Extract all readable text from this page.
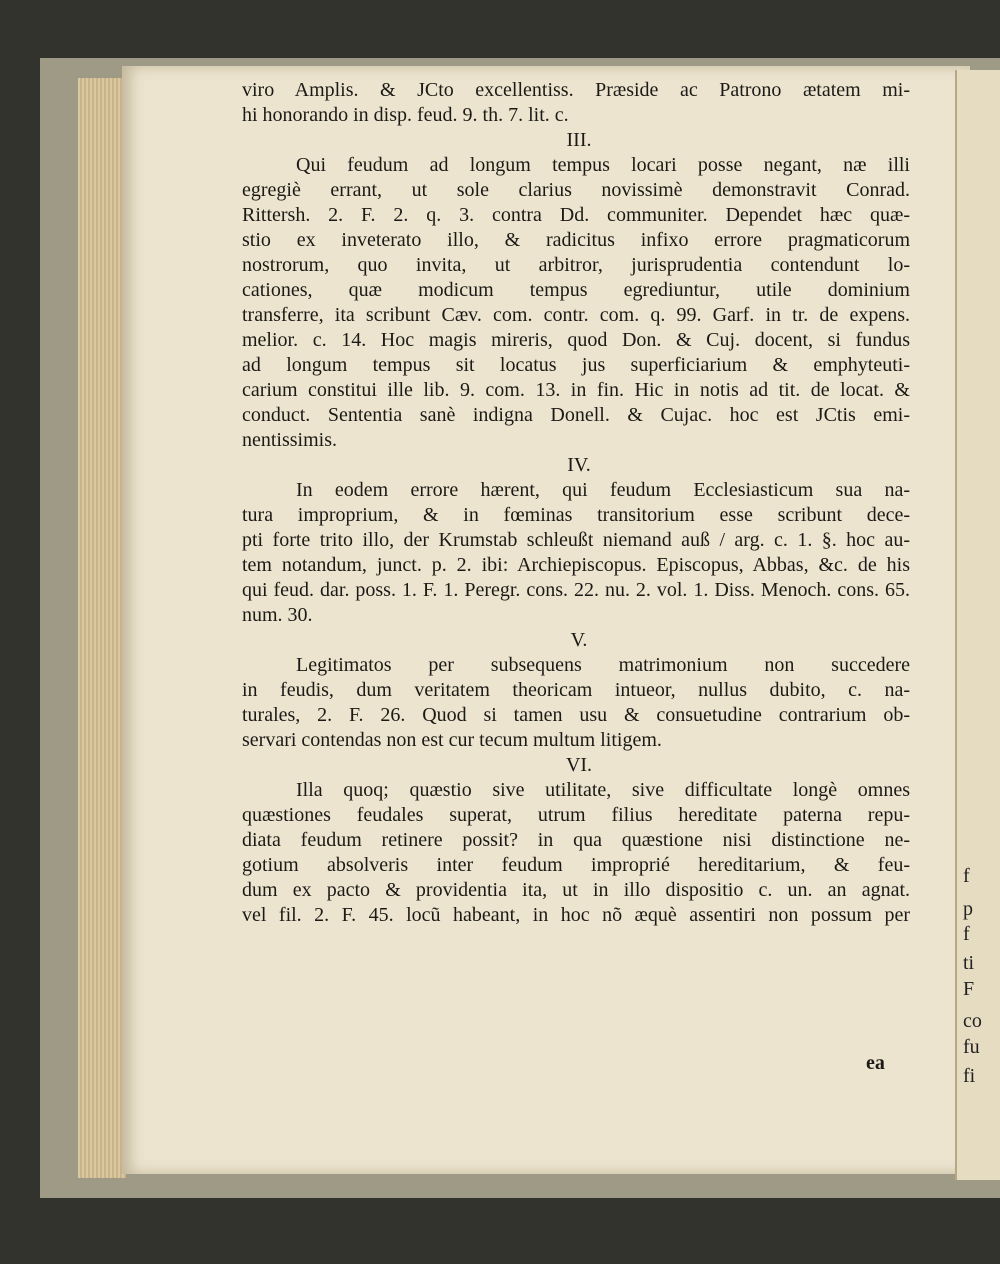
f
p
f
ti
F
co
fu
fi
viro Amplis. & JCto excellentiss. Præside ac Patrono ætatem mi-
hi honorando in disp. feud. 9. th. 7. lit. c.
III.
Qui feudum ad longum tempus locari posse negant, næ illi
egregiè errant, ut sole clarius novissimè demonstravit Conrad.
Rittersh. 2. F. 2. q. 3. contra Dd. communiter. Dependet hæc quæ-
stio ex inveterato illo, & radicitus infixo errore pragmaticorum
nostrorum, quo invita, ut arbitror, jurisprudentia contendunt lo-
cationes, quæ modicum tempus egrediuntur, utile dominium
transferre, ita scribunt Cæv. com. contr. com. q. 99. Garf. in tr. de expens.
melior. c. 14. Hoc magis mireris, quod Don. & Cuj. docent, si fundus
ad longum tempus sit locatus jus superficiarium & emphyteuti-
carium constitui ille lib. 9. com. 13. in fin. Hic in notis ad tit. de locat. &
conduct. Sententia sanè indigna Donell. & Cujac. hoc est JCtis emi-
nentissimis.
IV.
In eodem errore hærent, qui feudum Ecclesiasticum sua na-
tura improprium, & in fœminas transitorium esse scribunt dece-
pti forte trito illo, der Krumstab schleußt niemand auß / arg. c. 1. §. hoc au-
tem notandum, junct. p. 2. ibi: Archiepiscopus. Episcopus, Abbas, &c. de his
qui feud. dar. poss. 1. F. 1. Peregr. cons. 22. nu. 2. vol. 1. Diss. Menoch. cons. 65.
num. 30.
V.
Legitimatos per subsequens matrimonium non succedere
in feudis, dum veritatem theoricam intueor, nullus dubito, c. na-
turales, 2. F. 26. Quod si tamen usu & consuetudine contrarium ob-
servari contendas non est cur tecum multum litigem.
VI.
Illa quoq; quæstio sive utilitate, sive difficultate longè omnes
quæstiones feudales superat, utrum filius hereditate paterna repu-
diata feudum retinere possit? in qua quæstione nisi distinctione ne-
gotium absolveris inter feudum improprié hereditarium, & feu-
dum ex pacto & providentia ita, ut in illo dispositio c. un. an agnat.
vel fil. 2. F. 45. locũ habeant, in hoc nõ æquè assentiri non possum per
ea
